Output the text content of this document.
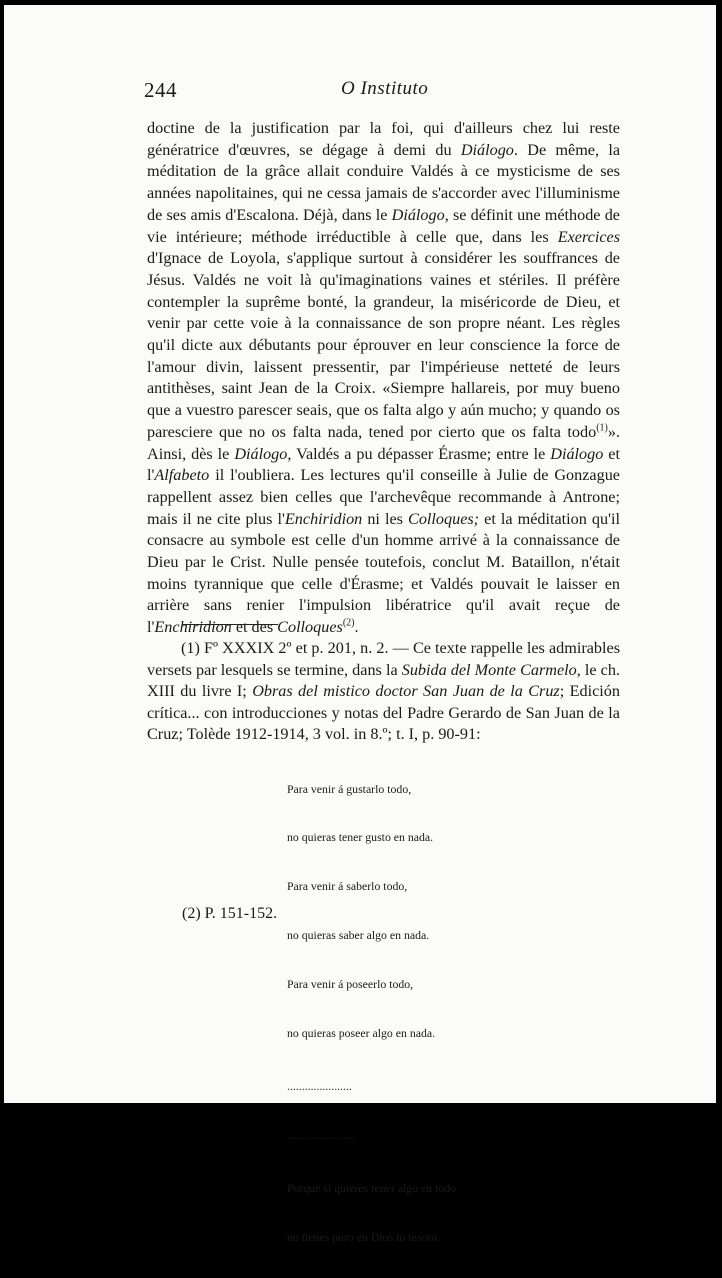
244	O Instituto

doctine de la justification par la foi, qui d'ailleurs chez lui reste génératrice d'œuvres, se dégage à demi du Diálogo. De même, la méditation de la grâce allait conduire Valdés à ce mysticisme de ses années napolitaines, qui ne cessa jamais de s'accorder avec l'illuminisme de ses amis d'Escalona. Déjà, dans le Diálogo, se définit une méthode de vie intérieure; méthode irréductible à celle que, dans les Exercices d'Ignace de Loyola, s'applique surtout à considérer les souffrances de Jésus. Valdés ne voit là qu'imaginations vaines et stériles. Il préfère contempler la suprême bonté, la grandeur, la miséricorde de Dieu, et venir par cette voie à la connaissance de son propre néant. Les règles qu'il dicte aux débutants pour éprouver en leur conscience la force de l'amour divin, laissent pressentir, par l'impérieuse netteté de leurs antithèses, saint Jean de la Croix. «Siempre hallareis, por muy bueno que a vuestro parescer seais, que os falta algo y aún mucho; y quando os paresciere que no os falta nada, tened por cierto que os falta todo$^{(1)}$». Ainsi, dès le Diálogo, Valdés a pu dépasser Érasme; entre le Diálogo et l'Alfabeto il l'oubliera. Les lectures qu'il conseille à Julie de Gonzague rappellent assez bien celles que l'archevêque recommande à Antrone; mais il ne cite plus l'Enchiridion ni les Colloques; et la méditation qu'il consacre au symbole est celle d'un homme arrivé à la connaissance de Dieu par le Crist. Nulle pensée toutefois, conclut M. Bataillon, n'était moins tyrannique que celle d'Érasme; et Valdés pouvait le laisser en arrière sans renier l'impulsion libératrice qu'il avait reçue de l'Enchiridion et des Colloques$^{(2)}$.

(1) Fº XXXIX 2º et p. 201, n. 2. — Ce texte rappelle les admirables versets par lesquels se termine, dans la Subida del Monte Carmelo, le ch. XIII du livre I; Obras del mistico doctor San Juan de la Cruz; Edición crítica... con introducciones y notas del Padre Gerardo de San Juan de la Cruz; Tolède 1912-1914, 3 vol. in 8.º; t. I, p. 90-91:

Para venir á gustarlo todo,

no quieras tener gusto en nada.

Para venir á saberlo todo,

no quieras saber algo en nada.

Para venir á poseerlo todo,

no quieras poseer algo en nada.

......................

.......................

Porque si quieres tener algo en todo

no tienes puro en Dios tu tesoro.

(2) P. 151-152.
